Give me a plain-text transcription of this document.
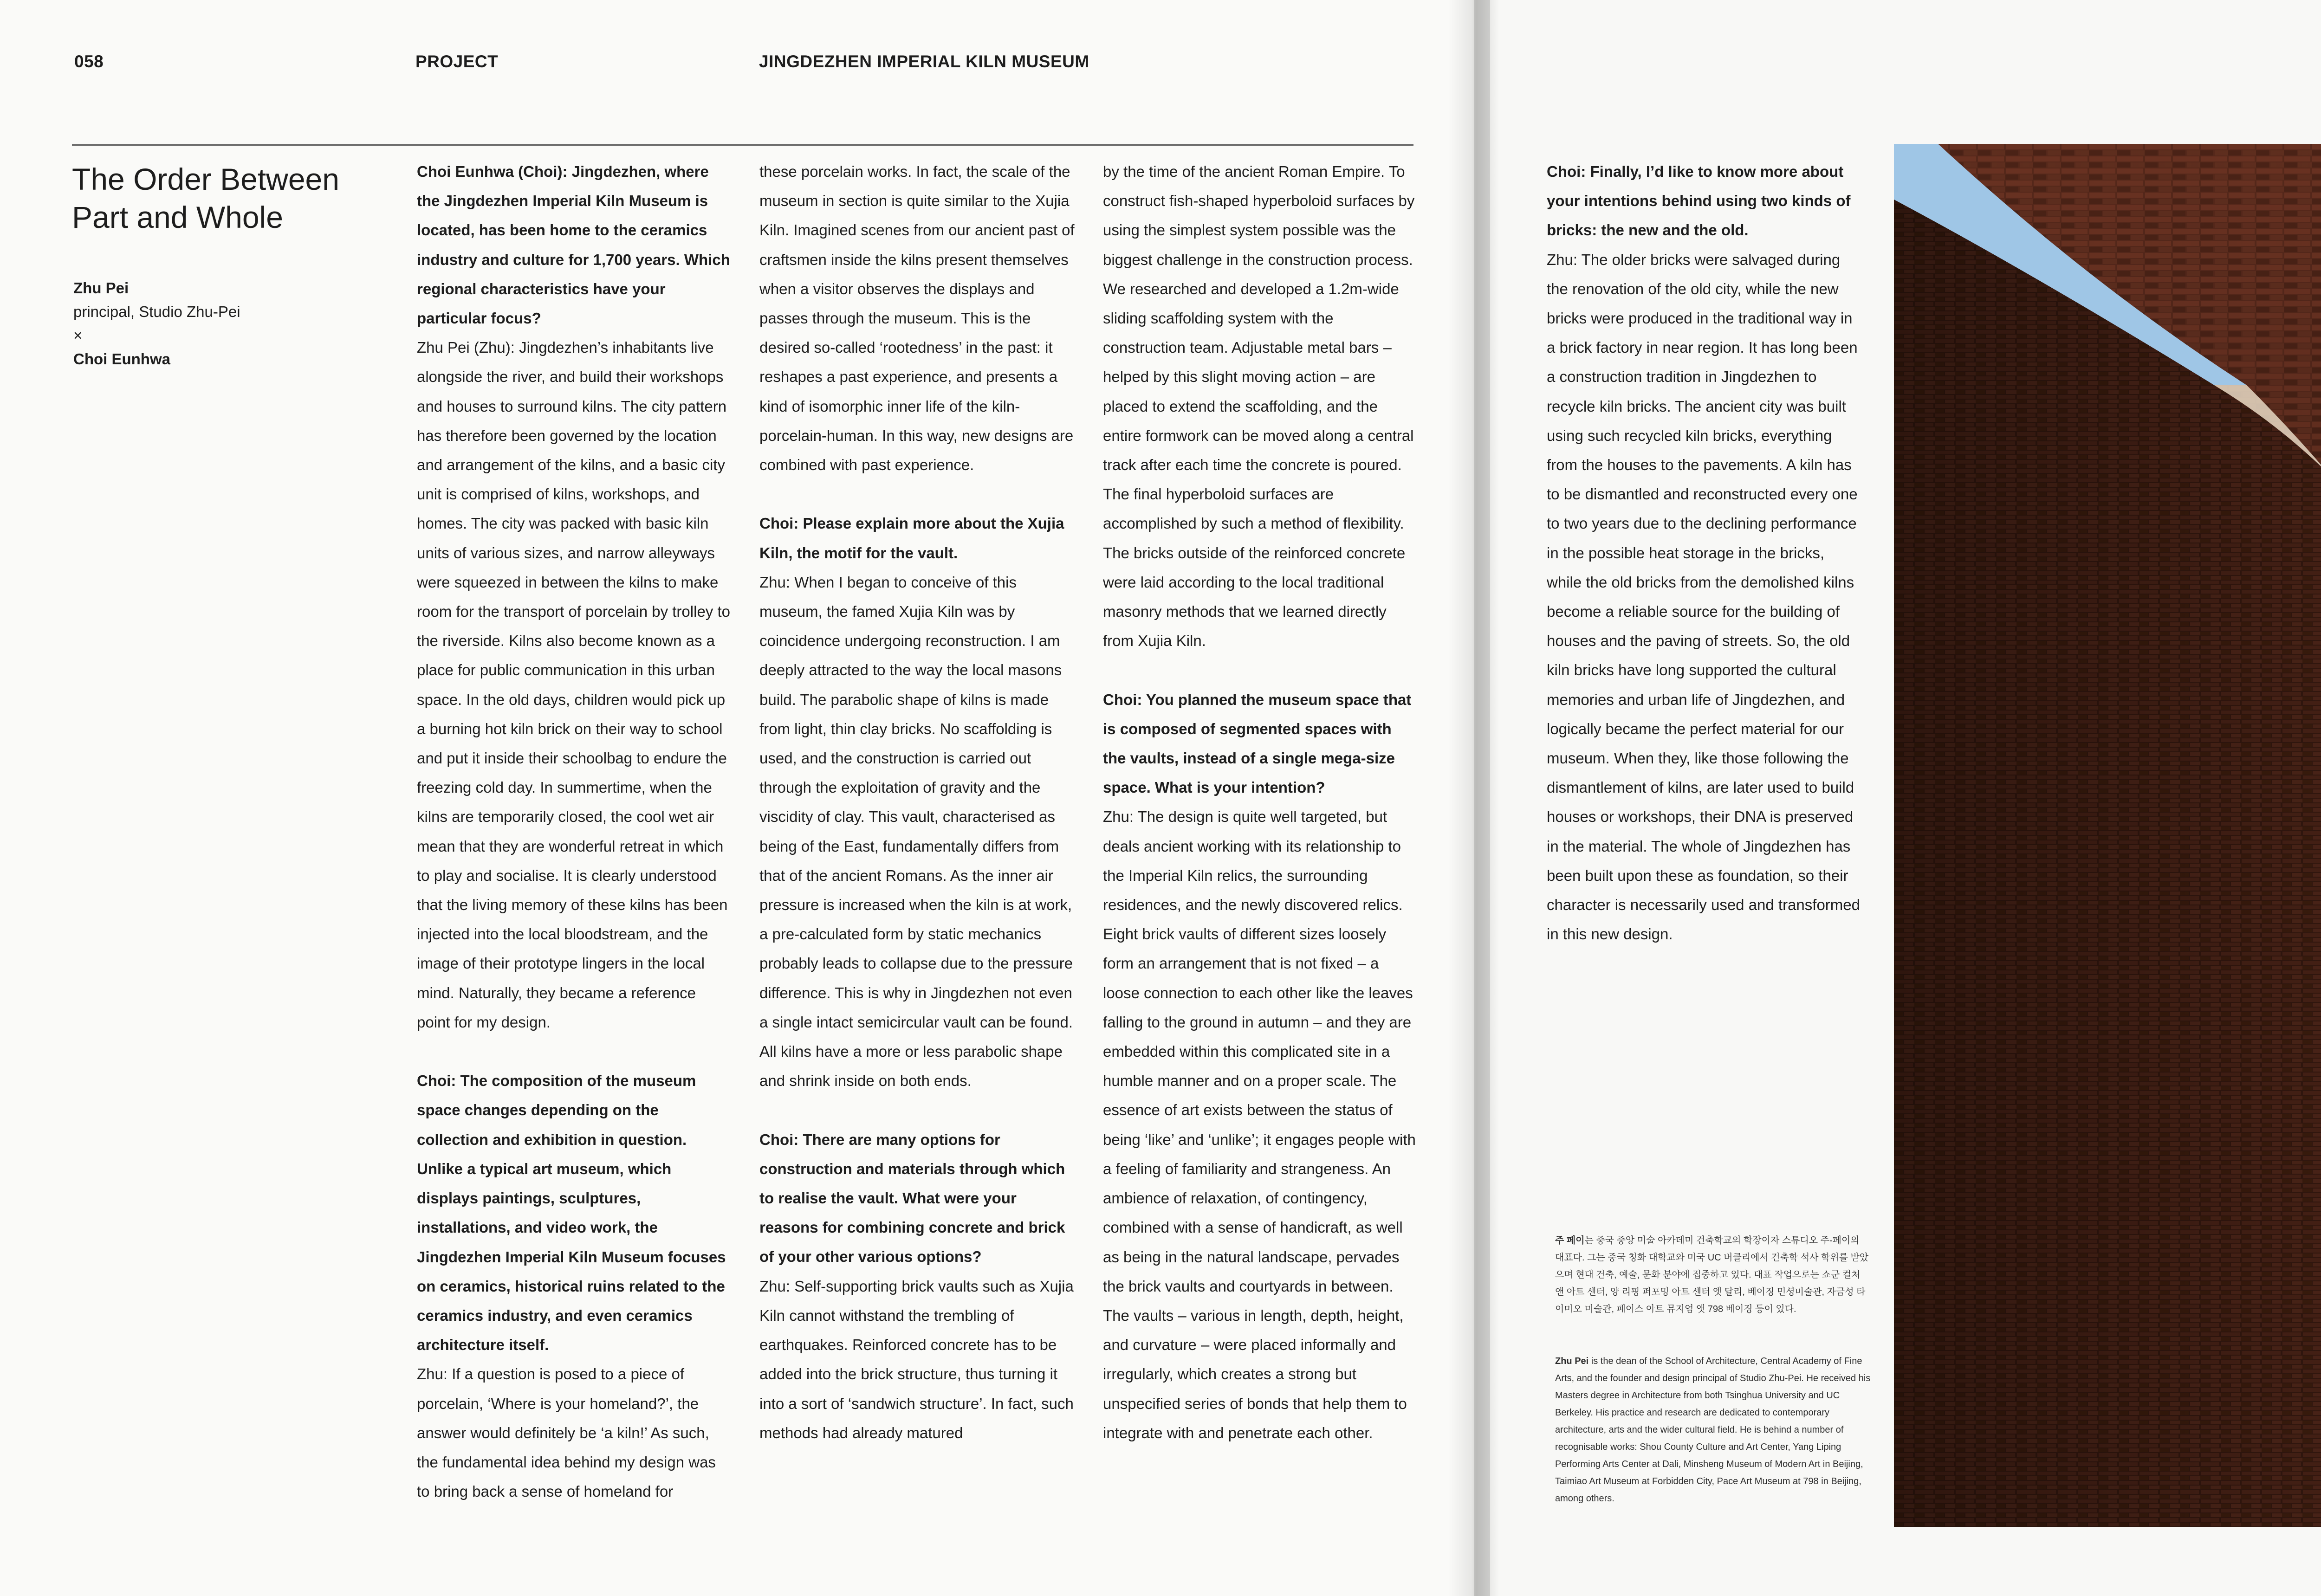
058	PROJECT	JINGDEZHEN IMPERIAL KILN MUSEUM
The Order Between
Part and Whole
Zhu Pei
principal, Studio Zhu-Pei
×
Choi Eunhwa

Choi Eunhwa (Choi): Jingdezhen, where the Jingdezhen Imperial Kiln Museum is located, has been home to the ceramics industry and culture for 1,700 years. Which regional characteristics have your particular focus?

Zhu Pei (Zhu): Jingdezhen’s inhabitants live alongside the river, and build their workshops and houses to surround kilns. The city pattern has therefore been governed by the location and arrangement of the kilns, and a basic city unit is comprised of kilns, workshops, and homes. The city was packed with basic kiln units of various sizes, and narrow alleyways were squeezed in between the kilns to make room for the transport of porcelain by trolley to the riverside. Kilns also become known as a place for public communication in this urban space. In the old days, children would pick up a burning hot kiln brick on their way to school and put it inside their schoolbag to endure the freezing cold day. In summertime, when the kilns are temporarily closed, the cool wet air mean that they are wonderful retreat in which to play and socialise. It is clearly understood that the living memory of these kilns has been injected into the local bloodstream, and the image of their prototype lingers in the local mind. Naturally, they became a reference point for my design.

Choi: The composition of the museum space changes depending on the collection and exhibition in question. Unlike a typical art museum, which displays paintings, sculptures, installations, and video work, the Jingdezhen Imperial Kiln Museum focuses on ceramics, historical ruins related to the ceramics industry, and even ceramics architecture itself.

Zhu: If a question is posed to a piece of porcelain, ‘Where is your homeland?’, the answer would definitely be ‘a kiln!’ As such, the fundamental idea behind my design was to bring back a sense of homeland for

these porcelain works. In fact, the scale of the museum in section is quite similar to the Xujia Kiln. Imagined scenes from our ancient past of craftsmen inside the kilns present themselves when a visitor observes the displays and passes through the museum. This is the desired so-called ‘rootedness’ in the past: it reshapes a past experience, and presents a kind of isomorphic inner life of the kiln-porcelain-human. In this way, new designs are combined with past experience.

Choi: Please explain more about the Xujia Kiln, the motif for the vault.

Zhu: When I began to conceive of this museum, the famed Xujia Kiln was by coincidence undergoing reconstruction. I am deeply attracted to the way the local masons build. The parabolic shape of kilns is made from light, thin clay bricks. No scaffolding is used, and the construction is carried out through the exploitation of gravity and the viscidity of clay. This vault, characterised as being of the East, fundamentally differs from that of the ancient Romans. As the inner air pressure is increased when the kiln is at work, a pre-calculated form by static mechanics probably leads to collapse due to the pressure difference. This is why in Jingdezhen not even a single intact semicircular vault can be found. All kilns have a more or less parabolic shape and shrink inside on both ends.

Choi: There are many options for construction and materials through which to realise the vault. What were your reasons for combining concrete and brick of your other various options?

Zhu: Self-supporting brick vaults such as Xujia Kiln cannot withstand the trembling of earthquakes. Reinforced concrete has to be added into the brick structure, thus turning it into a sort of ‘sandwich structure’. In fact, such methods had already matured

by the time of the ancient Roman Empire. To construct fish-shaped hyperboloid surfaces by using the simplest system possible was the biggest challenge in the construction process. We researched and developed a 1.2m-wide sliding scaffolding system with the construction team. Adjustable metal bars – helped by this slight moving action – are placed to extend the scaffolding, and the entire formwork can be moved along a central track after each time the concrete is poured. The final hyperboloid surfaces are accomplished by such a method of flexibility. The bricks outside of the reinforced concrete were laid according to the local traditional masonry methods that we learned directly from Xujia Kiln.

Choi: You planned the museum space that is composed of segmented spaces with the vaults, instead of a single mega-size space. What is your intention?

Zhu: The design is quite well targeted, but deals ancient working with its relationship to the Imperial Kiln relics, the surrounding residences, and the newly discovered relics. Eight brick vaults of different sizes loosely form an arrangement that is not fixed – a loose connection to each other like the leaves falling to the ground in autumn – and they are embedded within this complicated site in a humble manner and on a proper scale. The essence of art exists between the status of being ‘like’ and ‘unlike’; it engages people with a feeling of familiarity and strangeness. An ambience of relaxation, of contingency, combined with a sense of handicraft, as well as being in the natural landscape, pervades the brick vaults and courtyards in between. The vaults – various in length, depth, height, and curvature – were placed informally and irregularly, which creates a strong but unspecified series of bonds that help them to integrate with and penetrate each other.

Choi: Finally, I’d like to know more about your intentions behind using two kinds of bricks: the new and the old.

Zhu: The older bricks were salvaged during the renovation of the old city, while the new bricks were produced in the traditional way in a brick factory in near region. It has long been a construction tradition in Jingdezhen to recycle kiln bricks. The ancient city was built using such recycled kiln bricks, everything from the houses to the pavements. A kiln has to be dismantled and reconstructed every one to two years due to the declining performance in the possible heat storage in the bricks, while the old bricks from the demolished kilns become a reliable source for the building of houses and the paving of streets. So, the old kiln bricks have long supported the cultural memories and urban life of Jingdezhen, and logically became the perfect material for our museum. When they, like those following the dismantlement of kilns, are later used to build houses or workshops, their DNA is preserved in the material. The whole of Jingdezhen has been built upon these as foundation, so their character is necessarily used and transformed in this new design.

주 페이는 중국 중앙 미술 아카데미 건축학교의 학장이자 스튜디오 주-페이의 대표다. 그는 중국 칭화 대학교와 미국 UC 버클리에서 건축학 석사 학위를 받았으며 현대 건축, 예술, 문화 분야에 집중하고 있다. 대표 작업으로는 쇼군 컬처 앤 아트 센터, 양 리핑 퍼포밍 아트 센터 앳 달리, 베이징 민셩미술관, 자금성 타이미오 미술관, 페이스 아트 뮤지엄 앳 798 베이징 등이 있다.
Zhu Pei is the dean of the School of Architecture, Central Academy of Fine Arts, and the founder and design principal of Studio Zhu-Pei. He received his Masters degree in Architecture from both Tsinghua University and UC Berkeley. His practice and research are dedicated to contemporary architecture, arts and the wider cultural field. He is behind a number of recognisable works: Shou County Culture and Art Center, Yang Liping Performing Arts Center at Dali, Minsheng Museum of Modern Art in Beijing, Taimiao Art Museum at Forbidden City, Pace Art Museum at 798 in Beijing, among others.
